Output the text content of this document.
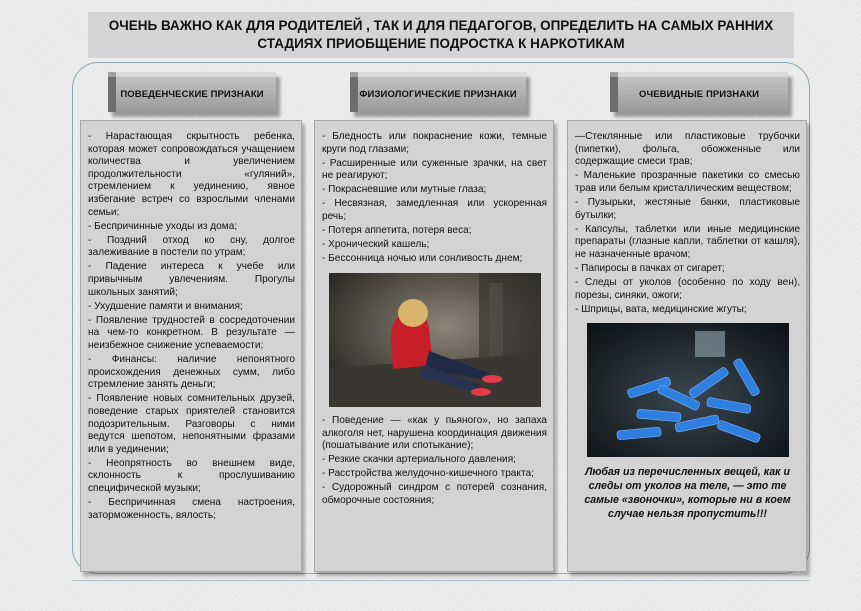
ОЧЕНЬ ВАЖНО КАК ДЛЯ РОДИТЕЛЕЙ , ТАК И ДЛЯ ПЕДАГОГОВ, ОПРЕДЕЛИТЬ НА САМЫХ РАННИХ
СТАДИЯХ ПРИОБЩЕНИЕ ПОДРОСТКА К НАРКОТИКАМ
ПОВЕДЕНЧЕСКИЕ ПРИЗНАКИ	ФИЗИОЛОГИЧЕСКИЕ ПРИЗНАКИ	ОЧЕВИДНЫЕ ПРИЗНАКИ

- Нарастающая скрытность ребенка, которая может сопровождаться учащением количества и увеличением продолжительности «гуляний», стремлением к уединению, явное избегание встреч со взрослыми членами семьи;

- Беспричинные уходы из дома;

- Поздний отход ко сну, долгое залеживание в постели по утрам;

- Падение интереса к учебе или привычным увлечениям. Прогулы школьных занятий;

- Ухудшение памяти и внимания;

- Появление трудностей в сосредоточении на чем-то конкретном. В результате — неизбежное снижение успеваемости;

- Финансы: наличие непонятного происхождения денежных сумм, либо стремление занять деньги;

- Появление новых сомнительных друзей, поведение старых приятелей становится подозрительным. Разговоры с ними ведутся шепотом, непонятными фразами или в уединении;

- Неопрятность во внешнем виде, склонность к прослушиванию специфической музыки;

- Беспричинная смена настроения, заторможенность, вялость;

- Бледность или покраснение кожи, темные круги под глазами;

- Расширенные или суженные зрачки, на свет не реагируют;

- Покрасневшие или мутные глаза;

- Несвязная, замедленная или ускоренная речь;

- Потеря аппетита, потеря веса;

- Хронический кашель;

- Бессонница ночью или сонливость днем;

- Поведение — «как у пьяного», но запаха алкоголя нет, нарушена координация движения (пошатывание или спотыкание);

- Резкие скачки артериального давления;

- Расстройства желудочно-кишечного тракта;

- Судорожный синдром с потерей сознания, обморочные состояния;

—Стеклянные или пластиковые трубочки (пипетки), фольга, обожженные или содержащие смеси трав;

- Маленькие прозрачные пакетики со смесью трав или белым кристаллическим веществом;

- Пузырьки, жестяные банки, пластиковые бутылки;

- Капсулы, таблетки или иные медицинские препараты (глазные капли, таблетки от кашля), не назначенные врачом;

- Папиросы в пачках от сигарет;

- Следы от уколов (особенно по ходу вен), порезы, синяки, ожоги;

- Шприцы, вата, медицинские жгуты;

Любая из перечисленных вещей, как и следы от уколов на теле, — это те самые «звоночки», которые ни в коем случае нельзя пропустить!!!
